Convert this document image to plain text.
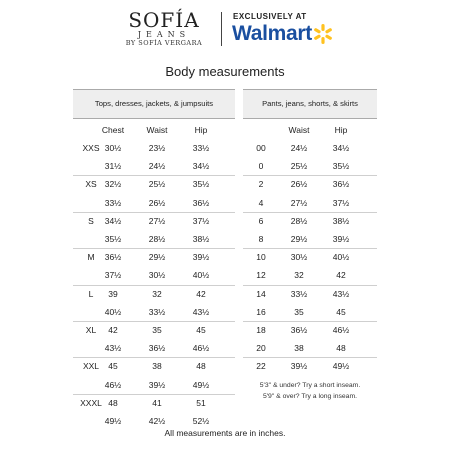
SOFÍA
JEANS
BY SOFÍA VERGARA
EXCLUSIVELY AT
Walmart
Body measurements
Tops, dresses, jackets, & jumpsuits
Chest	Waist	Hip
XXS 30½	23½	33½
31½	24½	34½
XS 32½	25½	35½
33½	26½	36½
S	34½	27½	37½
35½	28½	38½
M	36½	29½	39½
37½	30½	40½
L	39	32	42
40½	33½	43½
XL	42	35	45
43½	36½	46½
XXL	45	38	48
46½	39½	49½
XXXL 48	41	51
49½	42½	52½
Pants, jeans, shorts, & skirts
Waist	Hip
00	24½	34½
0	25½	35½
2	26½	36½
4	27½	37½
6	28½	38½
8	29½	39½
10	30½	40½
12	32	42
14	33½	43½
16	35	45
18	36½	46½
20	38	48
22	39½	49½
5'3" & under? Try a short inseam.
5'9" & over? Try a long inseam.
All measurements are in inches.
